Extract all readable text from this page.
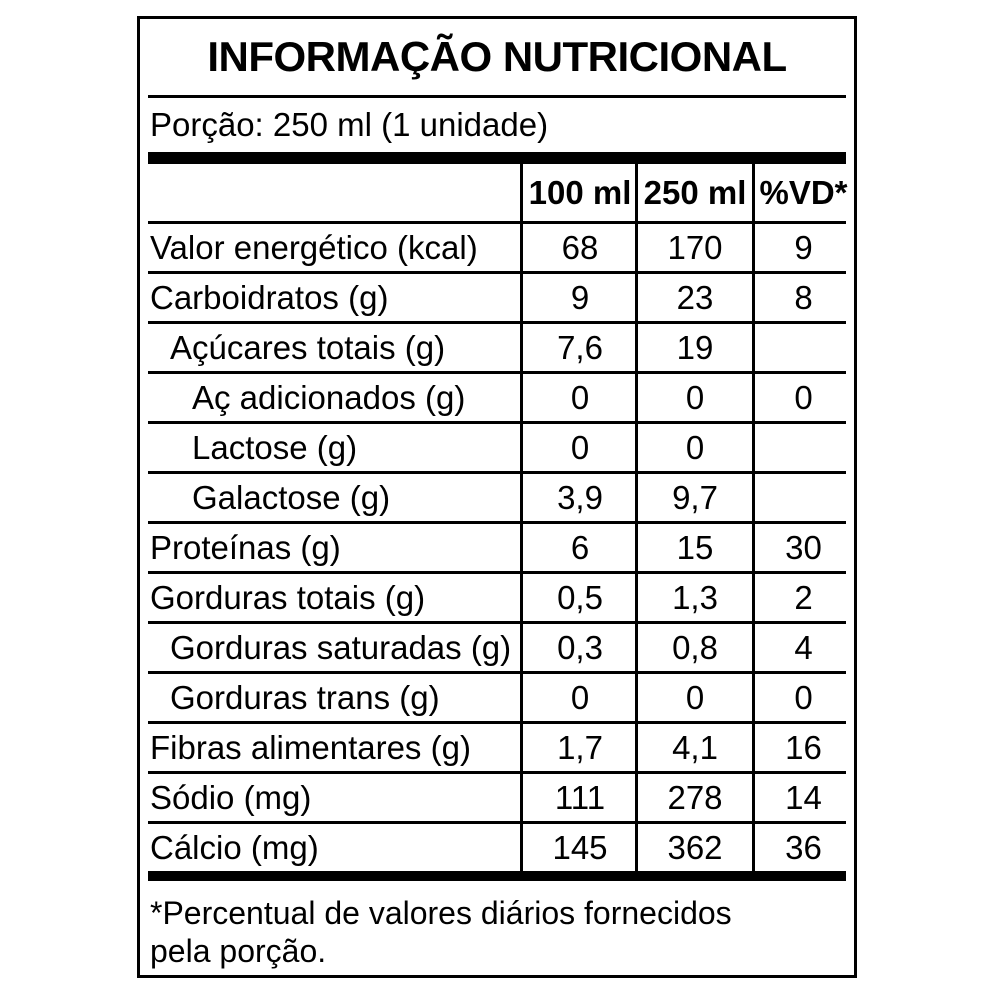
INFORMAÇÃO NUTRICIONAL
Porção: 250 ml (1 unidade)
100 ml 250 ml %VD*
Valor energético (kcal)	68	170	9
Carboidratos (g)	9	23	8
Açúcares totais (g)	7,6	19
Aç adicionados (g)	0	0	0
Lactose (g)	0	0
Galactose (g)	3,9	9,7
Proteínas (g)	6	15	30
Gorduras totais (g)	0,5	1,3	2
Gorduras saturadas (g)	0,3	0,8	4
Gorduras trans (g)	0	0	0
Fibras alimentares (g)	1,7	4,1	16
Sódio (mg)	111	278	14
Cálcio (mg)	145	362	36
*Percentual de valores diários fornecidos
pela porção.
